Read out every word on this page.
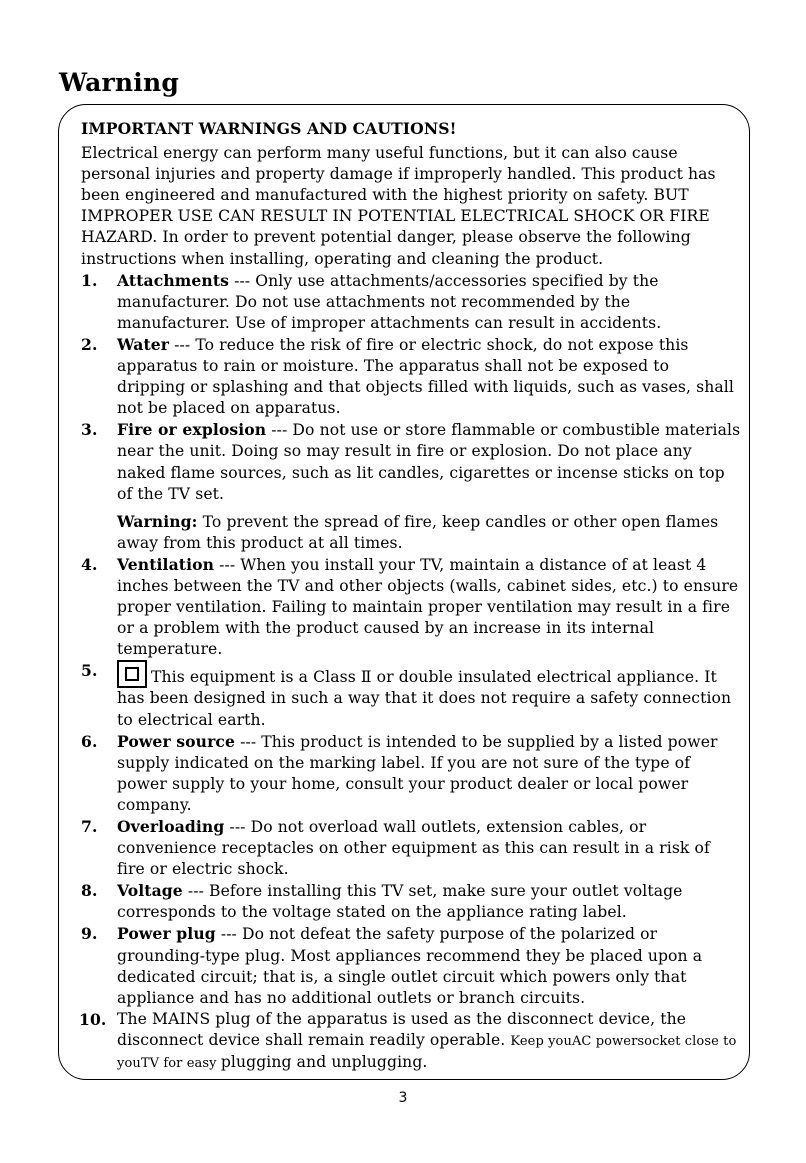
Warning

IMPORTANT WARNINGS AND CAUTIONS!

Electrical energy can perform many useful functions, but it can also cause personal injuries and property damage if improperly handled. This product has been engineered and manufactured with the highest priority on safety. BUT IMPROPER USE CAN RESULT IN POTENTIAL ELECTRICAL SHOCK OR FIRE HAZARD. In order to prevent potential danger, please observe the following instructions when installing, operating and cleaning the product.

1. Attachments --- Only use attachments/accessories specified by the manufacturer. Do not use attachments not recommended by the manufacturer. Use of improper attachments can result in accidents.
2. Water --- To reduce the risk of fire or electric shock, do not expose this apparatus to rain or moisture. The apparatus shall not be exposed to dripping or splashing and that objects filled with liquids, such as vases, shall not be placed on apparatus.
3. Fire or explosion --- Do not use or store flammable or combustible materials near the unit. Doing so may result in fire or explosion. Do not place any naked flame sources, such as lit candles, cigarettes or incense sticks on top of the TV set.
Warning: To prevent the spread of fire, keep candles or other open flames away from this product at all times.
4. Ventilation --- When you install your TV, maintain a distance of at least 4 inches between the TV and other objects (walls, cabinet sides, etc.) to ensure proper ventilation. Failing to maintain proper ventilation may result in a fire or a problem with the product caused by an increase in its internal temperature.
5.	This equipment is a Class Ⅱ or double insulated electrical appliance. It has been designed in such a way that it does not require a safety connection to electrical earth.
6. Power source --- This product is intended to be supplied by a listed power supply indicated on the marking label. If you are not sure of the type of power supply to your home, consult your product dealer or local power company.
7. Overloading --- Do not overload wall outlets, extension cables, or convenience receptacles on other equipment as this can result in a risk of fire or electric shock.
8. Voltage --- Before installing this TV set, make sure your outlet voltage corresponds to the voltage stated on the appliance rating label.
9. Power plug --- Do not defeat the safety purpose of the polarized or grounding-type plug. Most appliances recommend they be placed upon a dedicated circuit; that is, a single outlet circuit which powers only that appliance and has no additional outlets or branch circuits.
10. The MAINS plug of the apparatus is used as the disconnect device, the disconnect device shall remain readily operable. Keep youAC powersocket close to youTV for easy plugging and unplugging.
3
